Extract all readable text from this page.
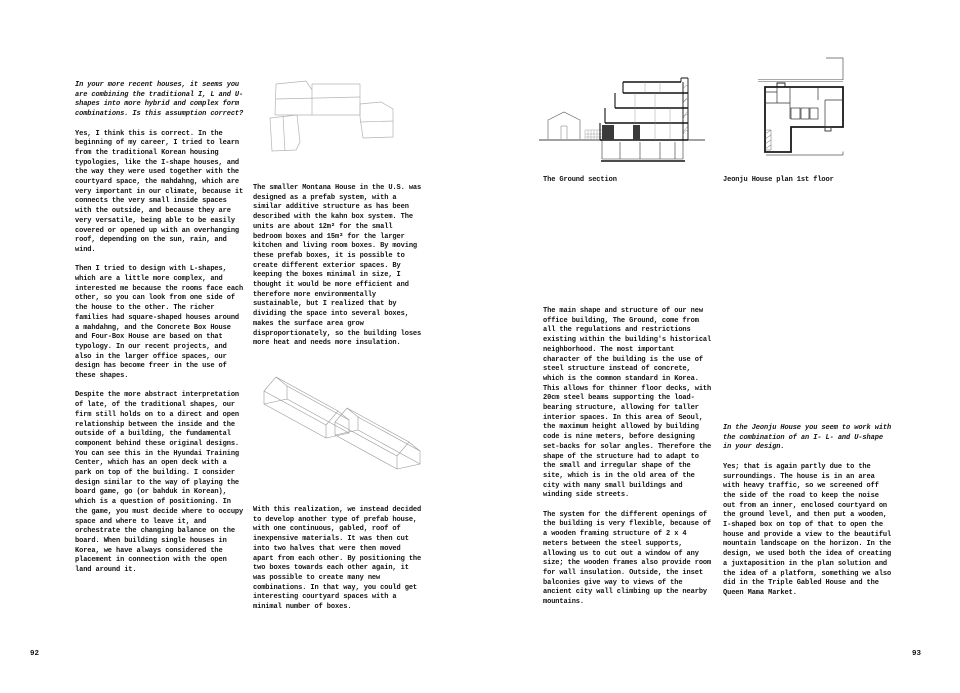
The Ground section	Jeonju House plan 1st floor

In your more recent houses, it seems you are combining the traditional I, L and U-shapes into more hybrid and complex form combinations. Is this assumption correct?

Yes, I think this is correct. In the beginning of my career, I tried to learn from the traditional Korean housing typologies, like the I-shape houses, and the way they were used together with the courtyard space, the mahdahng, which are very important in our climate, because it connects the very small inside spaces with the outside, and because they are very versatile, being able to be easily covered or opened up with an overhanging roof, depending on the sun, rain, and wind.

Then I tried to design with L-shapes, which are a little more complex, and interested me because the rooms face each other, so you can look from one side of the house to the other. The richer families had square-shaped houses around a mahdahng, and the Concrete Box House and Four-Box House are based on that typology. In our recent projects, and also in the larger office spaces, our design has become freer in the use of these shapes.

Despite the more abstract interpretation of late, of the traditional shapes, our firm still holds on to a direct and open relationship between the inside and the outside of a building, the fundamental component behind these original designs. You can see this in the Hyundai Training Center, which has an open deck with a park on top of the building. I consider design similar to the way of playing the board game, go (or bahduk in Korean), which is a question of positioning. In the game, you must decide where to occupy space and where to leave it, and orchestrate the changing balance on the board. When building single houses in Korea, we have always considered the placement in connection with the open land around it.

The smaller Montana House in the U.S. was designed as a prefab system, with a similar additive structure as has been described with the kahn box system. The units are about 12m² for the small bedroom boxes and 15m² for the larger kitchen and living room boxes. By moving these prefab boxes, it is possible to create different exterior spaces. By keeping the boxes minimal in size, I thought it would be more efficient and therefore more environmentally sustainable, but I realized that by dividing the space into several boxes, makes the surface area grow disproportionately, so the building loses more heat and needs more insulation.

With this realization, we instead decided to develop another type of prefab house, with one continuous, gabled, roof of inexpensive materials. It was then cut into two halves that were then moved apart from each other. By positioning the two boxes towards each other again, it was possible to create many new combinations. In that way, you could get interesting courtyard spaces with a minimal number of boxes.

The main shape and structure of our new office building, The Ground, come from all the regulations and restrictions existing within the building's historical neighborhood. The most important character of the building is the use of steel structure instead of concrete, which is the common standard in Korea. This allows for thinner floor decks, with 20cm steel beams supporting the load-bearing structure, allowing for taller interior spaces. In this area of Seoul, the maximum height allowed by building code is nine meters, before designing set-backs for solar angles. Therefore the shape of the structure had to adapt to the small and irregular shape of the site, which is in the old area of the city with many small buildings and winding side streets.

The system for the different openings of the building is very flexible, because of a wooden framing structure of 2 x 4 meters between the steel supports, allowing us to cut out a window of any size; the wooden frames also provide room for wall insulation. Outside, the inset balconies give way to views of the ancient city wall climbing up the nearby mountains.

In the Jeonju House you seem to work with the combination of an I- L- and U-shape in your design.

Yes; that is again partly due to the surroundings. The house is in an area with heavy traffic, so we screened off the side of the road to keep the noise out from an inner, enclosed courtyard on the ground level, and then put a wooden, I-shaped box on top of that to open the house and provide a view to the beautiful mountain landscape on the horizon. In the design, we used both the idea of creating a juxtaposition in the plan solution and the idea of a platform, something we also did in the Triple Gabled House and the Queen Mama Market.

92	93
